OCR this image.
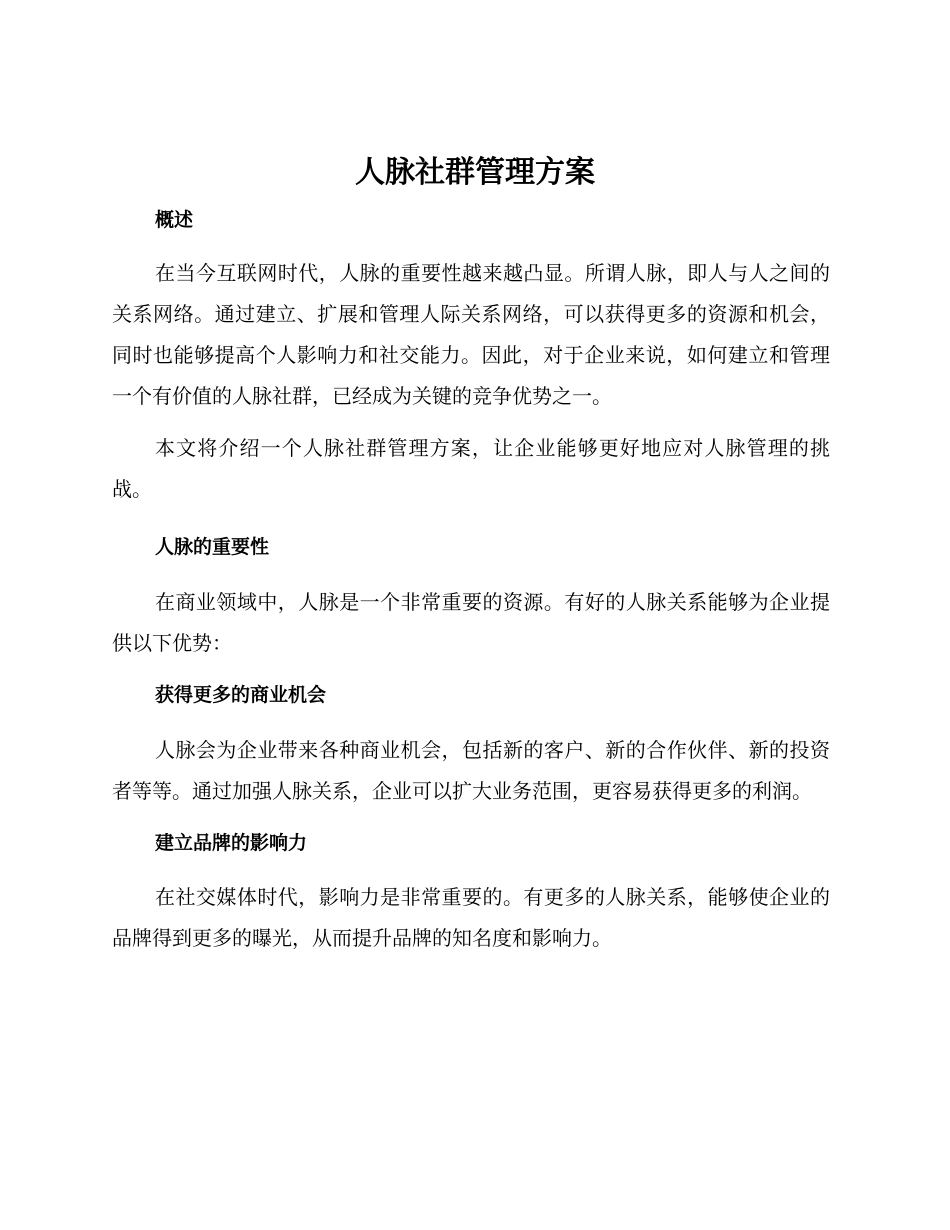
人脉社群管理方案
概述

在当今互联网时代，人脉的重要性越来越凸显。所谓人脉，即人与人之间的关系网络。通过建立、扩展和管理人际关系网络，可以获得更多的资源和机会，同时也能够提高个人影响力和社交能力。因此，对于企业来说，如何建立和管理一个有价值的人脉社群，已经成为关键的竞争优势之一。

本文将介绍一个人脉社群管理方案，让企业能够更好地应对人脉管理的挑战。

人脉的重要性

在商业领域中，人脉是一个非常重要的资源。有好的人脉关系能够为企业提供以下优势：

获得更多的商业机会

人脉会为企业带来各种商业机会，包括新的客户、新的合作伙伴、新的投资者等等。通过加强人脉关系，企业可以扩大业务范围，更容易获得更多的利润。

建立品牌的影响力

在社交媒体时代，影响力是非常重要的。有更多的人脉关系，能够使企业的品牌得到更多的曝光，从而提升品牌的知名度和影响力。
